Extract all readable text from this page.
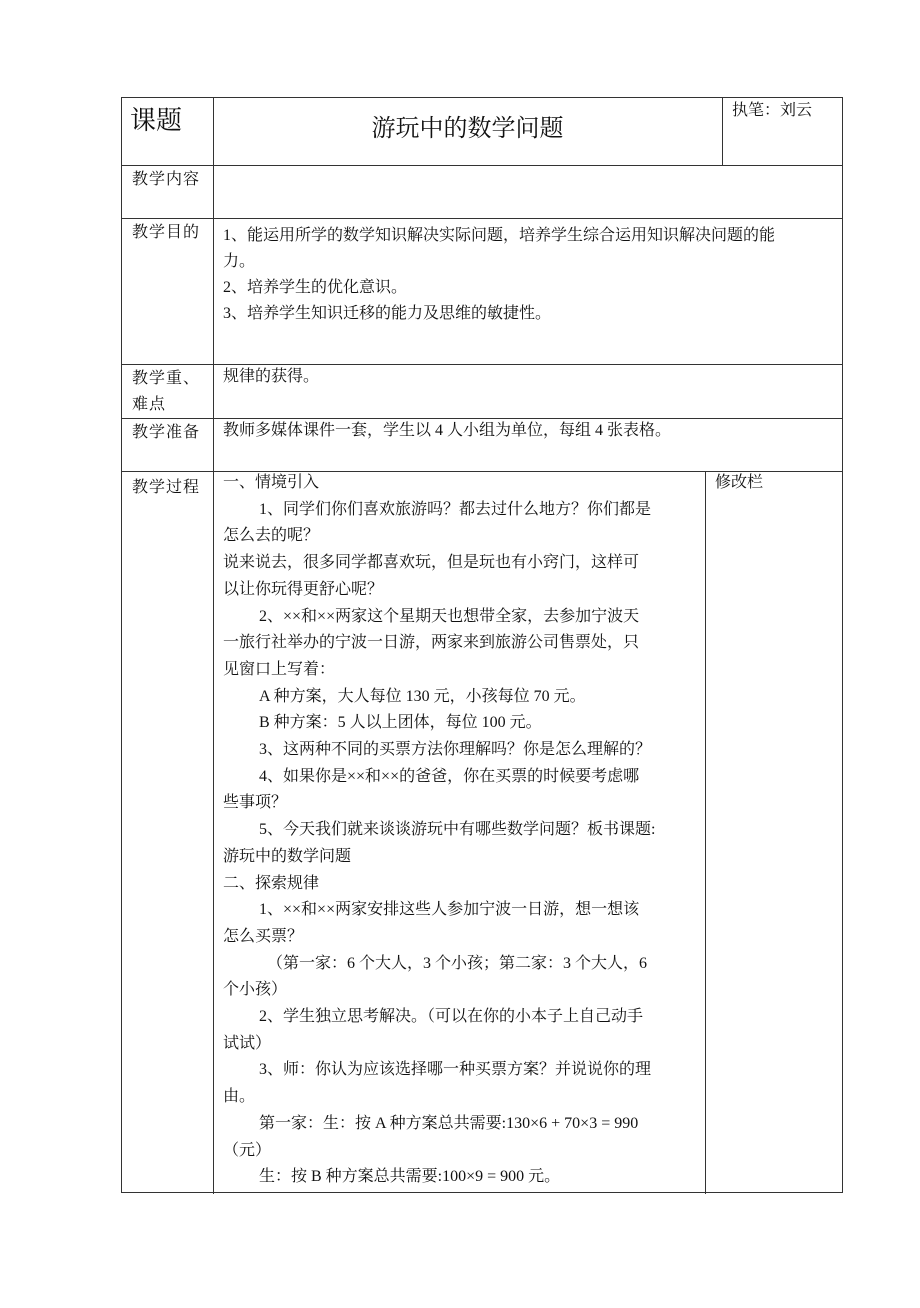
课题	游玩中的数学问题
执笔：刘云
教学内容
教学目的 1、能运用所学的数学知识解决实际问题，培养学生综合运用知识解决问题的能
力。
2、培养学生的优化意识。
3、培养学生知识迁移的能力及思维的敏捷性。
教学重、
难点
规律的获得。
教学准备 教师多媒体课件一套，学生以 4 人小组为单位，每组 4 张表格。
教学过程	修改栏
一、情境引入
1、同学们你们喜欢旅游吗？都去过什么地方？你们都是
怎么去的呢？
说来说去，很多同学都喜欢玩，但是玩也有小窍门，这样可
以让你玩得更舒心呢？
2、××和××两家这个星期天也想带全家，去参加宁波天
一旅行社举办的宁波一日游，两家来到旅游公司售票处，只
见窗口上写着：
A 种方案，大人每位 130 元，小孩每位 70 元。
B 种方案：5 人以上团体，每位 100 元。
3、这两种不同的买票方法你理解吗？你是怎么理解的？
4、如果你是××和××的爸爸，你在买票的时候要考虑哪
些事项？
5、今天我们就来谈谈游玩中有哪些数学问题？板书课题:
游玩中的数学问题
二、探索规律
1、××和××两家安排这些人参加宁波一日游，想一想该
怎么买票？
（第一家：6 个大人，3 个小孩；第二家：3 个大人，6
个小孩）
2、学生独立思考解决。（可以在你的小本子上自己动手
试试）
3、师：你认为应该选择哪一种买票方案？并说说你的理
由。
第一家：生：按 A 种方案总共需要:130×6 + 70×3 = 990
（元）
生：按 B 种方案总共需要:100×9 = 900 元。
